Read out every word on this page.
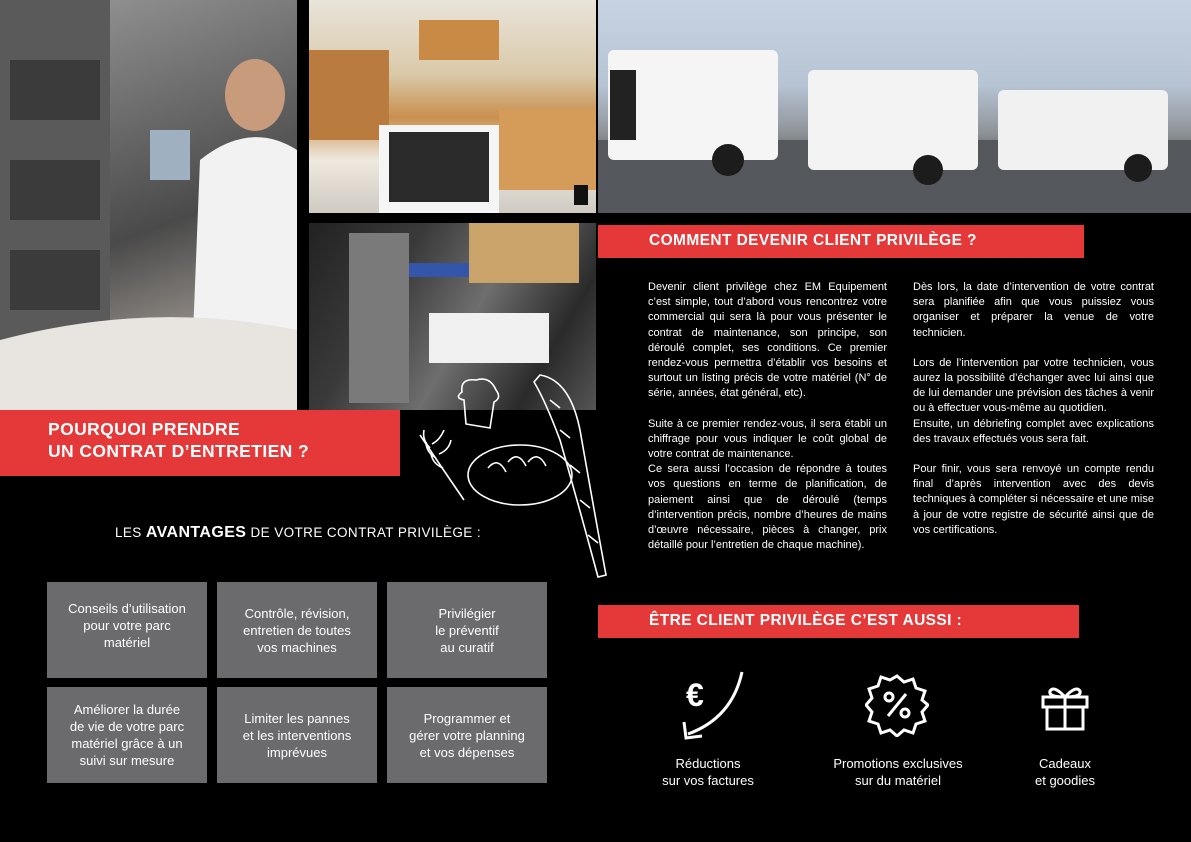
POURQUOI PRENDRE
UN CONTRAT D’ENTRETIEN ?
LES AVANTAGES DE VOTRE CONTRAT PRIVILÈGE :
Conseils d’utilisation
pour votre parc
matériel
Contrôle, révision,
entretien de toutes
vos machines
Privilégier
le préventif
au curatif
Améliorer la durée
de vie de votre parc
matériel grâce à un
suivi sur mesure
Limiter les pannes
et les interventions
imprévues
Programmer et
gérer votre planning
et vos dépenses
COMMENT DEVENIR CLIENT PRIVILÈGE ?

Devenir client privilège chez EM Equipement c’est simple, tout d’abord vous rencontrez votre commercial qui sera là pour vous présenter le contrat de maintenance, son principe, son déroulé complet, ses conditions. Ce premier rendez-vous permettra d’établir vos besoins et surtout un listing précis de votre matériel (N° de série, années, état général, etc).

Suite à ce premier rendez-vous, il sera établi un chiffrage pour vous indiquer le coût global de votre contrat de maintenance.

Ce sera aussi l’occasion de répondre à toutes vos questions en terme de planification, de paiement ainsi que de déroulé (temps d’intervention précis, nombre d’heures de mains d’œuvre nécessaire, pièces à changer, prix détaillé pour l’entretien de chaque machine).

Dès lors, la date d’intervention de votre contrat sera planifiée afin que vous puissiez vous organiser et préparer la venue de votre technicien.

Lors de l’intervention par votre technicien, vous aurez la possibilité d’échanger avec lui ainsi que de lui demander une prévision des tâches à venir ou à effectuer vous-même au quotidien.

Ensuite, un débriefing complet avec explications des travaux effectués vous sera fait.

Pour finir, vous sera renvoyé un compte rendu final d’après intervention avec des devis techniques à compléter si nécessaire et une mise à jour de votre registre de sécurité ainsi que de vos certifications.

ÊTRE CLIENT PRIVILÈGE C’EST AUSSI :
€
Réductions
sur vos factures
Promotions exclusives
sur du matériel
Cadeaux
et goodies
